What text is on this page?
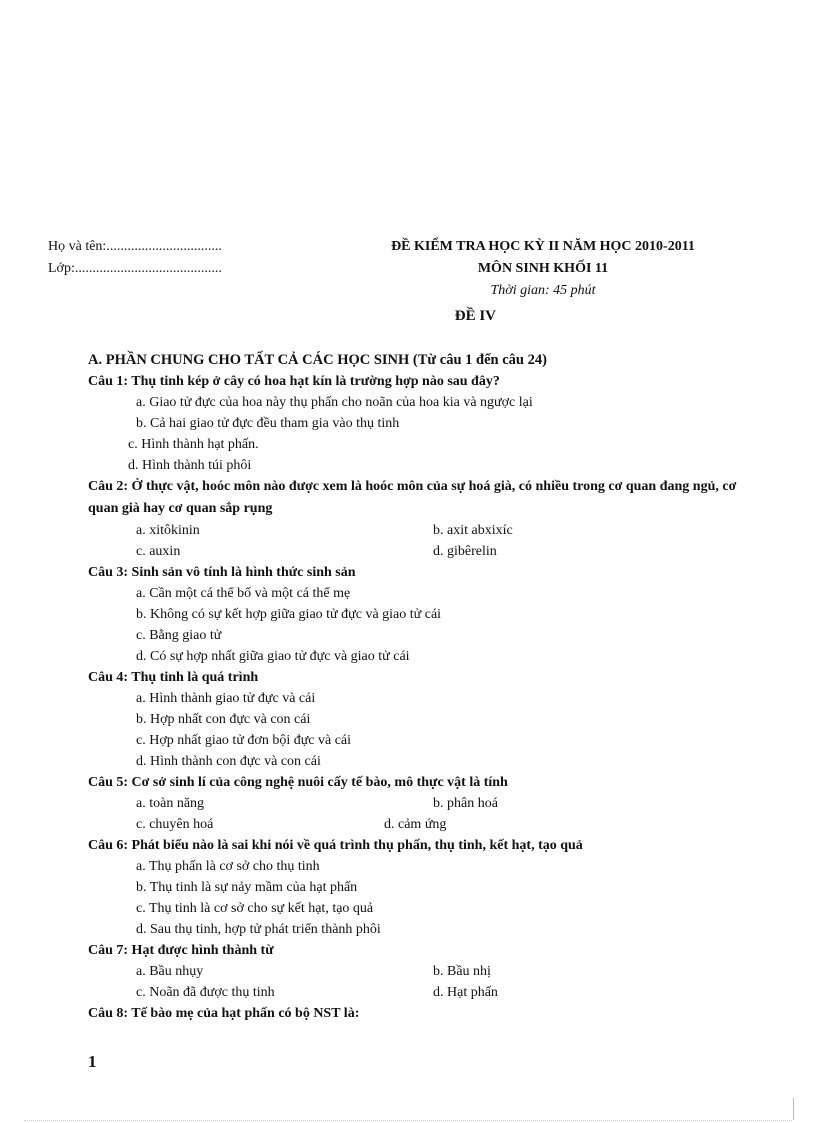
Họ và tên:.................................
Lớp:..........................................
ĐỀ KIỂM TRA HỌC KỲ II NĂM HỌC 2010-2011
MÔN SINH KHỐI 11
Thời gian: 45 phút
ĐỀ IV
A. PHẦN CHUNG CHO TẤT CẢ CÁC HỌC SINH (Từ câu 1 đến câu 24)
Câu 1: Thụ tinh kép ở cây có hoa hạt kín là trường hợp nào sau đây?
a. Giao tử đực của hoa này thụ phấn cho noãn của hoa kia và ngược lại
b. Cả hai giao tử đực đều tham gia vào thụ tinh
c. Hình thành hạt phấn.
d. Hình thành túi phôi
Câu 2: Ở thực vật, hoóc môn nào được xem là hoóc môn của sự hoá già, có nhiều trong cơ quan đang ngủ, cơ quan già hay cơ quan sắp rụng
a. xitôkinin	b. axit abxixíc
c. auxin	d. gibêrelin
Câu 3: Sinh sản vô tính là hình thức sinh sản
a. Cần một cá thể bố và một cá thể mẹ
b. Không có sự kết hợp giữa giao tử đực và giao tử cái
c. Bằng giao tử
d. Có sự hợp nhất giữa giao tử đực và giao tử cái
Câu 4: Thụ tinh là quá trình
a. Hình thành giao tử đực và cái
b. Hợp nhất con đực và con cái
c. Hợp nhất giao tử đơn bội đực và cái
d. Hình thành con đực và con cái
Câu 5: Cơ sở sinh lí của công nghệ nuôi cấy tế bào, mô thực vật là tính
a. toàn năng	b. phân hoá
c. chuyên hoá	d. cảm ứng
Câu 6: Phát biểu nào là sai khi nói về quá trình thụ phấn, thụ tinh, kết hạt, tạo quả
a. Thụ phấn là cơ sở cho thụ tinh
b. Thụ tinh là sự nảy mầm của hạt phấn
c. Thụ tinh là cơ sở cho sự kết hạt, tạo quả
d. Sau thụ tinh, hợp tử phát triển thành phôi
Câu 7: Hạt được hình thành từ
a. Bầu nhụy	b. Bầu nhị
c. Noãn đã được thụ tinh	d. Hạt phấn
Câu 8: Tế bào mẹ của hạt phấn có bộ NST là:
1
